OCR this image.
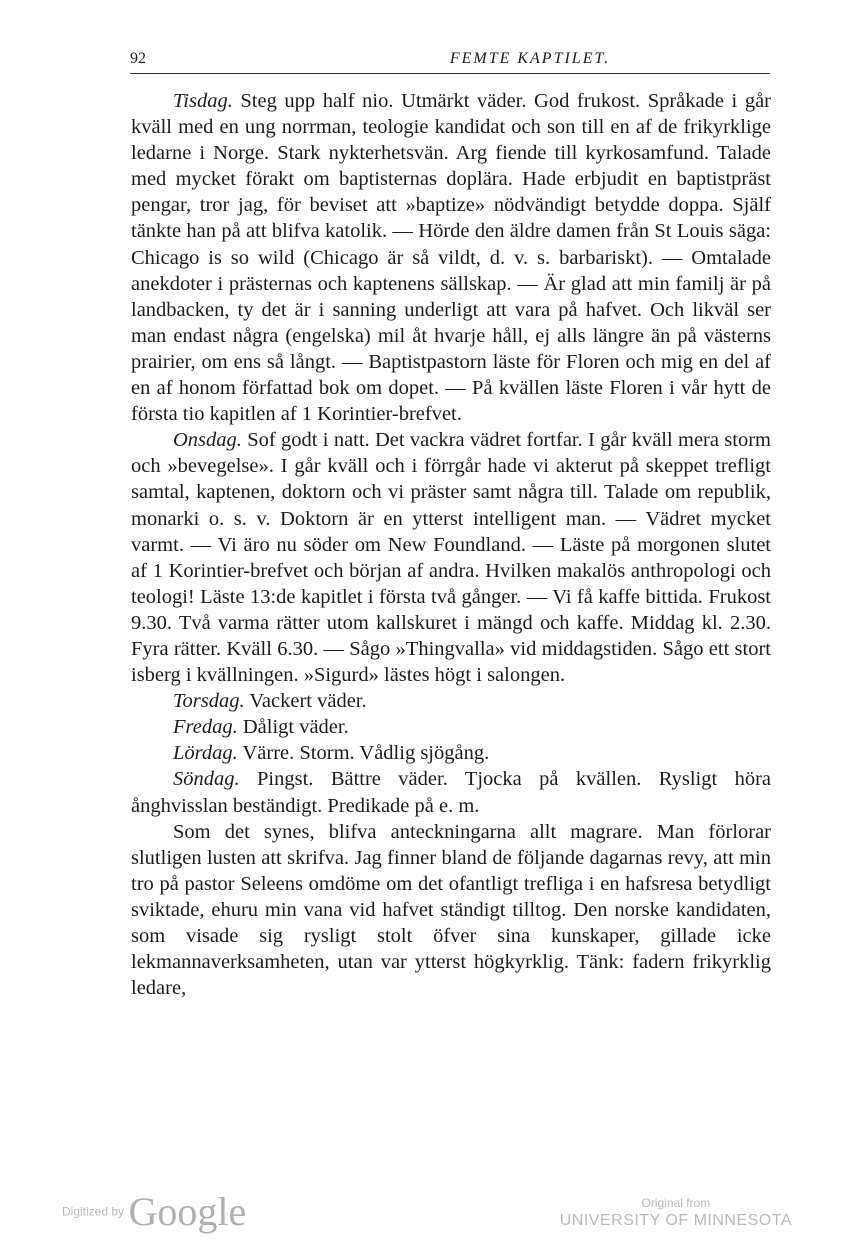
92	FEMTE KAPTILET.

Tisdag. Steg upp half nio. Utmärkt väder. God frukost. Språkade i går kväll med en ung norrman, teologie kandidat och son till en af de frikyrklige ledarne i Norge. Stark nykterhetsvän. Arg fiende till kyrkosamfund. Talade med mycket förakt om baptisternas doplära. Hade erbjudit en baptistpräst pengar, tror jag, för beviset att »baptize» nödvändigt betydde doppa. Själf tänkte han på att blifva katolik. — Hörde den äldre damen från St Louis säga: Chicago is so wild (Chicago är så vildt, d. v. s. barbariskt). — Omtalade anekdoter i prästernas och kaptenens sällskap. — Är glad att min familj är på landbacken, ty det är i sanning underligt att vara på hafvet. Och likväl ser man endast några (engelska) mil åt hvarje håll, ej alls längre än på västerns prairier, om ens så långt. — Baptistpastorn läste för Floren och mig en del af en af honom författad bok om dopet. — På kvällen läste Floren i vår hytt de första tio kapitlen af 1 Korintier-brefvet.

Onsdag. Sof godt i natt. Det vackra vädret fortfar. I går kväll mera storm och »bevegelse». I går kväll och i förrgår hade vi akterut på skeppet trefligt samtal, kaptenen, doktorn och vi präster samt några till. Talade om republik, monarki o. s. v. Doktorn är en ytterst intelligent man. — Vädret mycket varmt. — Vi äro nu söder om New Foundland. — Läste på morgonen slutet af 1 Korintier-brefvet och början af andra. Hvilken makalös anthropologi och teologi! Läste 13:de kapitlet i första två gånger. — Vi få kaffe bittida. Frukost 9.30. Två varma rätter utom kallskuret i mängd och kaffe. Middag kl. 2.30. Fyra rätter. Kväll 6.30. — Sågo »Thingvalla» vid middagstiden. Sågo ett stort isberg i kvällningen. »Sigurd» lästes högt i salongen.

Torsdag. Vackert väder.

Fredag. Dåligt väder.

Lördag. Värre. Storm. Vådlig sjögång.

Söndag. Pingst. Bättre väder. Tjocka på kvällen. Rysligt höra ånghvisslan beständigt. Predikade på e. m.

Som det synes, blifva anteckningarna allt magrare. Man förlorar slutligen lusten att skrifva. Jag finner bland de följande dagarnas revy, att min tro på pastor Seleens omdöme om det ofantligt trefliga i en hafsresa betydligt sviktade, ehuru min vana vid hafvet ständigt tilltog. Den norske kandidaten, som visade sig rysligt stolt öfver sina kunskaper, gillade icke lekmannaverksamheten, utan var ytterst högkyrklig. Tänk: fadern frikyrklig ledare,

Digitized by Google	Original from
UNIVERSITY OF MINNESOTA
